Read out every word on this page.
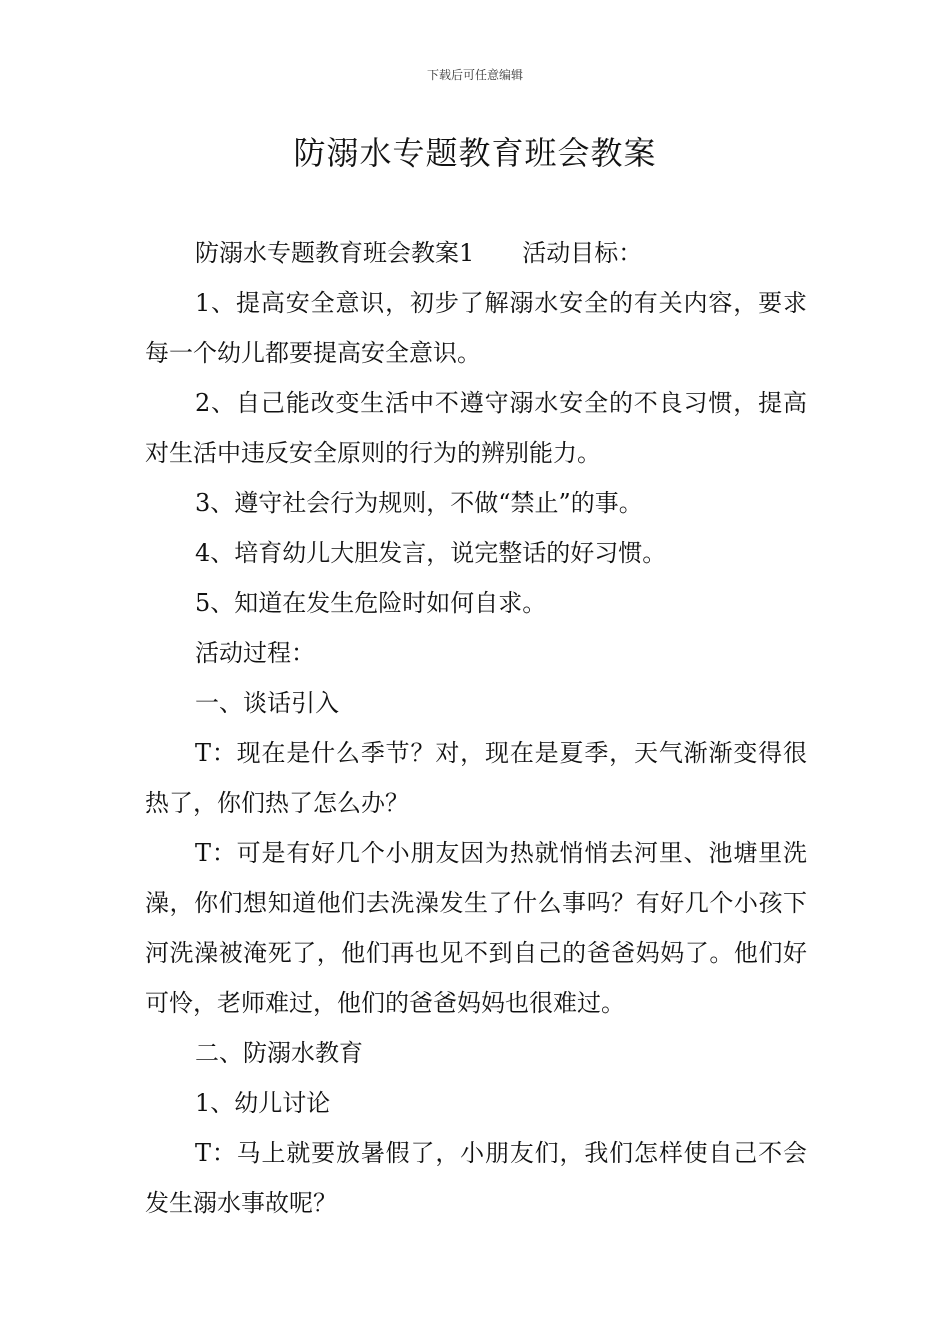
下载后可任意编辑
防溺水专题教育班会教案

防溺水专题教育班会教案1　　活动目标：

1、提高安全意识，初步了解溺水安全的有关内容，要求每一个幼儿都要提高安全意识。

2、自己能改变生活中不遵守溺水安全的不良习惯，提高对生活中违反安全原则的行为的辨别能力。

3、遵守社会行为规则，不做“禁止”的事。

4、培育幼儿大胆发言，说完整话的好习惯。

5、知道在发生危险时如何自求。

活动过程：

一、谈话引入

T：现在是什么季节？对，现在是夏季，天气渐渐变得很热了，你们热了怎么办？

T：可是有好几个小朋友因为热就悄悄去河里、池塘里洗澡，你们想知道他们去洗澡发生了什么事吗？有好几个小孩下河洗澡被淹死了，他们再也见不到自己的爸爸妈妈了。他们好可怜，老师难过，他们的爸爸妈妈也很难过。

二、防溺水教育

1、幼儿讨论

T：马上就要放暑假了，小朋友们，我们怎样使自己不会发生溺水事故呢？
